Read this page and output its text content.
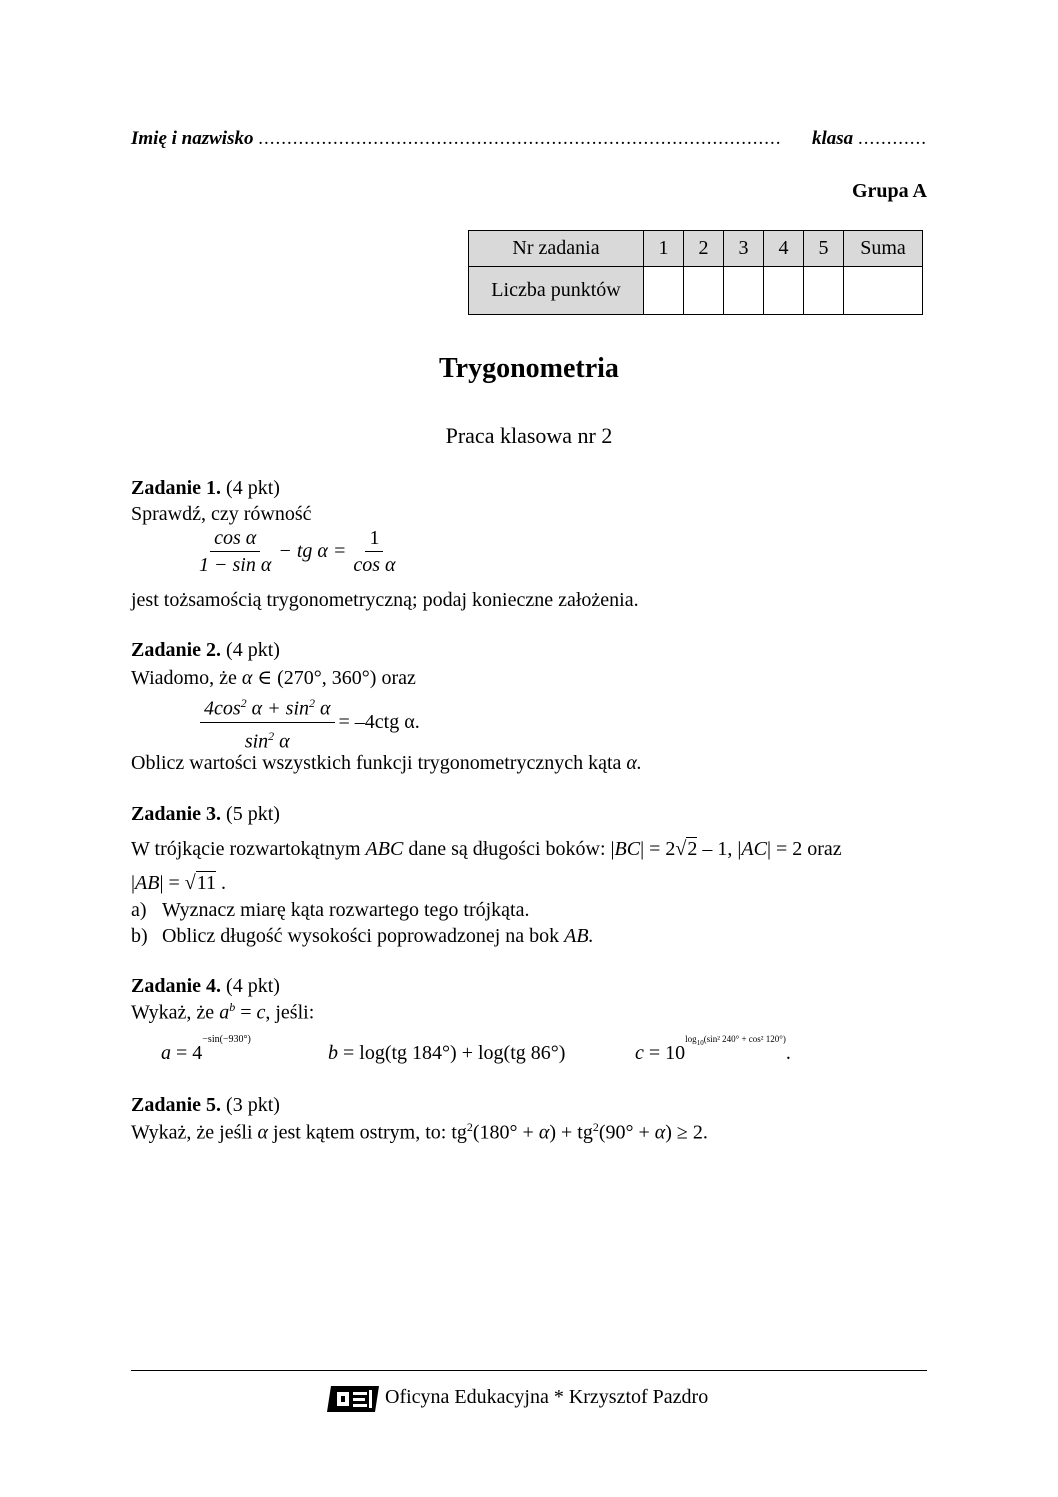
Imię i nazwisko ........................................................................................... klasa ............
Grupa A
Nr zadania	1	2	3	4	5	Suma
Liczba punktów						
Trygonometria
Praca klasowa nr 2
Zadanie 1. (4 pkt)
Sprawdź, czy równość
$\frac{\text{cos α}}{\text{1 − sin α}}$ − tg $\alpha = \frac{1}{\text{cos α}}$
jest tożsamością trygonometryczną; podaj konieczne założenia.
Zadanie 2. (4 pkt)
Wiadomo, że α ∈ (270°, 360°) oraz
$\frac{4\cos^2 \alpha + \sin^2 \alpha}{\sin^2 \alpha} = -4ctg$ α.
Oblicz wartości wszystkich funkcji trygonometrycznych kąta α.
Zadanie 3. (5 pkt)
W trójkącie rozwartokątnym ABC dane są długości boków: |BC| = 2√2 – 1, |AC| = 2 oraz
|AB| = √11 .
a) Wyznacz miarę kąta rozwartego tego trójkąta.
b) Oblicz długość wysokości poprowadzonej na bok AB.
Zadanie 4. (4 pkt)
Wykaż, że $a^b = c$, jeśli:
$a = 4^{-sin(-930^\circ)}$
b = log(tg 184°) + log(tg 86°)	$c = 10^{log_{10}(sin^2 240^\circ + cos^2 120^\circ)}$.
Zadanie 5. (3 pkt)
Wykaż, że jeśli α jest kątem ostrym, to: $tg^2(180^\circ + \alpha) + tg^2(90^\circ + \alpha) \ge 2$.
Oficyna Edukacyjna * Krzysztof Pazdro
